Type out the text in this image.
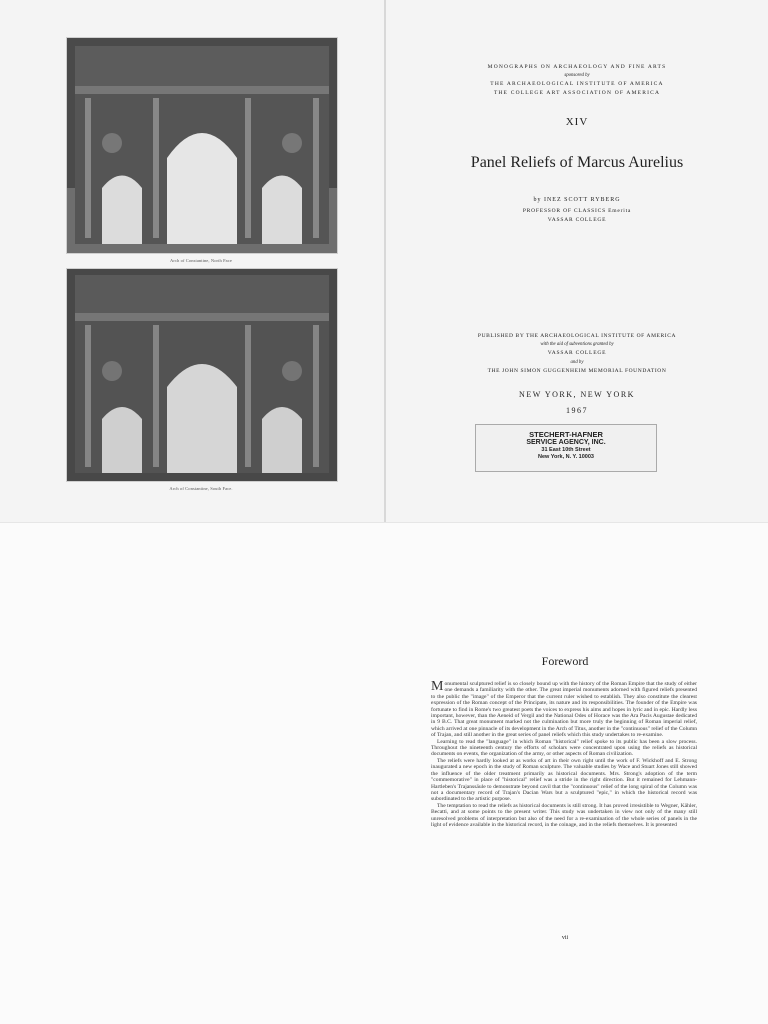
Arch of Constantine, North Face
Arch of Constantine, South Face.
MONOGRAPHS ON ARCHAEOLOGY AND FINE ARTS
sponsored by
THE ARCHAEOLOGICAL INSTITUTE OF AMERICA
THE COLLEGE ART ASSOCIATION OF AMERICA
XIV
Panel Reliefs of Marcus Aurelius
by INEZ SCOTT RYBERG
PROFESSOR OF CLASSICS Emerita
VASSAR COLLEGE
PUBLISHED BY THE ARCHAEOLOGICAL INSTITUTE OF AMERICA
with the aid of subventions granted by
VASSAR COLLEGE
and by
THE JOHN SIMON GUGGENHEIM MEMORIAL FOUNDATION
NEW YORK, NEW YORK
1967
STECHERT-HAFNER
SERVICE AGENCY, INC.
31 East 10th Street
New York, N. Y. 10003
Foreword

Monumental sculptured relief is so closely bound up with the history of the Roman Empire that the study of either one demands a familiarity with the other. The great imperial monuments adorned with figured reliefs presented to the public the "image" of the Emperor that the current ruler wished to establish. They also constitute the clearest expression of the Roman concept of the Principate, its nature and its responsibilities. The founder of the Empire was fortunate to find in Rome's two greatest poets the voices to express his aims and hopes in lyric and in epic. Hardly less important, however, than the Aeneid of Vergil and the National Odes of Horace was the Ara Pacis Augustae dedicated in 9 B.C. That great monument marked not the culmination but more truly the beginning of Roman imperial relief, which arrived at one pinnacle of its development in the Arch of Titus, another in the "continuous" relief of the Column of Trajan, and still another in the great series of panel reliefs which this study undertakes to re-examine.

Learning to read the "language" in which Roman "historical" relief spoke to its public has been a slow process. Throughout the nineteenth century the efforts of scholars were concentrated upon using the reliefs as historical documents on events, the organization of the army, or other aspects of Roman civilization.

The reliefs were hardly looked at as works of art in their own right until the work of F. Wickhoff and E. Strong inaugurated a new epoch in the study of Roman sculpture. The valuable studies by Wace and Stuart Jones still showed the influence of the older treatment primarily as historical documents. Mrs. Strong's adoption of the term "commemorative" in place of "historical" relief was a stride in the right direction. But it remained for Lehmann-Hartleben's Trajanssäule to demonstrate beyond cavil that the "continuous" relief of the long spiral of the Column was not a documentary record of Trajan's Dacian Wars but a sculptured "epic," in which the historical record was subordinated to the artistic purpose.

The temptation to read the reliefs as historical documents is still strong. It has proved irresistible to Wegner, Kähler, Becatti, and at some points to the present writer. This study was undertaken in view not only of the many still unresolved problems of interpretation but also of the need for a re-examination of the whole series of panels in the light of evidence available in the historical record, in the coinage, and in the reliefs themselves. It is presented

vii
